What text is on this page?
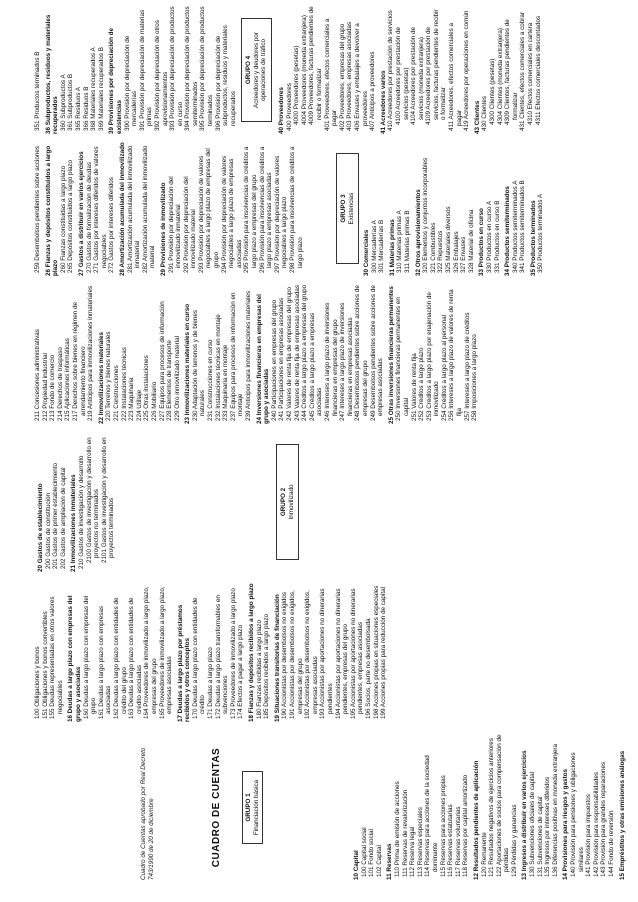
Cuadro de Cuentas aprobado por Real Decreto 743/1990 de 20 de diciembre	CUADRO DE CUENTAS	GRUPO 1 Financiación básica

10 Capital 100 Capital social 101 Fondo social 102 Capital 11 Reservas 110 Prima de emisión de acciones 111 Reservas de revalorización 112 Reserva legal 113 Reservas especiales 114 Reservas para acciones de la sociedad dominante 115 Reservas para acciones propias 116 Reservas estatutarias 117 Reservas voluntarias 118 Reservas por capital amortizado 12 Resultados pendientes de aplicación 120 Remanente 121 Resultados negativos de ejercicios anteriores 122 Aportaciones de socios para compensación de pérdidas 129 Pérdidas y ganancias 13 Ingresos a distribuir en varios ejercicios 130 Subvenciones oficiales de capital 131 Subvenciones de capital 135 Ingresos por intereses diferidos 136 Diferencias positivas en moneda extranjera 14 Provisiones para riesgos y gastos 140 Provisión para pensiones y obligaciones similares 141 Provisión para impuestos 142 Provisión para responsabilidades 143 Provisión para grandes reparaciones 144 Fondo de reversión 15 Empréstitos y otras emisiones análogas

100 Obligaciones y bonos 151 Obligaciones y bonos convertibles 155 Deudas representadas en otros valores negociables 16 Deudas a largo plazo con empresas del grupo y asociadas 160 Deudas a largo plazo con empresas del grupo 161 Deudas a largo plazo con empresas asociadas 162 Deudas a largo plazo con entidades de crédito del grupo 163 Deudas a largo plazo con entidades de crédito asociadas 164 Proveedores de inmovilizado a largo plazo, empresas del grupo 165 Proveedores de inmovilizado a largo plazo, empresas asociadas 17 Deudas a largo plazo por préstamos recibidos y otros conceptos 170 Deudas a largo plazo con entidades de crédito 171 Deudas a largo plazo 172 Deudas a largo plazo transformables en subvenciones 173 Proveedores de inmovilizado a largo plazo 174 Efectos a pagar a largo plazo 18 Fianzas y depósitos recibidos a largo plazo 180 Fianzas recibidas a largo plazo 185 Depósitos recibidos a largo plazo 19 Situaciones transitorias de financiación 190 Accionistas por desembolsos no exigidos 191 Accionistas por desembolsos no exigidos, empresas del grupo 192 Accionistas por desembolsos no exigidos, empresas asociadas 193 Accionistas por aportaciones no dinerarias pendientes 194 Accionistas por aportaciones no dinerarias pendientes, empresas del grupo 195 Accionistas por aportaciones no dinerarias pendientes, empresas asociadas 196 Socios, parte no desembolsada 198 Acciones propias en situaciones especiales 199 Acciones propias para reducción de capital

20 Gastos de establecimiento 200 Gastos de constitución 201 Gastos de primer establecimiento 202 Gastos de ampliación de capital 21 Inmovilizaciones inmateriales 210 Gastos de investigación y desarrollo 2100 Gastos de investigación y desarrollo en proyectos no terminados 2101 Gastos de investigación y desarrollo en proyectos terminados	GRUPO 2 Inmovilizado

211 Concesiones administrativas 212 Propiedad industrial 213 Fondo de comercio 214 Derechos de traspaso 215 Aplicaciones informáticas 217 Derechos sobre bienes en régimen de arrendamiento financiero 219 Anticipos para inmovilizaciones inmateriales 22 Inmovilizaciones materiales 220 Terrenos y bienes naturales 221 Construcciones 222 Instalaciones técnicas 223 Maquinaria 224 Utillaje 225 Otras instalaciones 226 Mobiliario 227 Equipos para procesos de información 228 Elementos de transporte 229 Otro inmovilizado material 23 Inmovilizaciones materiales en curso 230 Adaptación de terrenos y de bienes naturales 231 Construcciones en curso 232 Instalaciones técnicas en montaje 233 Maquinaria en montaje 237 Equipos para procesos de información en montaje 239 Anticipos para inmovilizaciones materiales 24 Inversiones financieras en empresas del grupo y asociadas 240 Participaciones en empresas del grupo 241 Participaciones en empresas asociadas 242 Valores de renta fija de empresas del grupo 243 Valores de renta fija de empresas asociadas 244 Créditos a largo plazo a empresas del grupo 245 Créditos a largo plazo a empresas asociadas 246 Intereses a largo plazo de inversiones financieras en empresas del grupo 247 Intereses a largo plazo de inversiones financieras en empresas asociadas 248 Desembolsos pendientes sobre acciones de empresas del grupo 249 Desembolsos pendientes sobre acciones de empresas asociadas 25 Otras inversiones financieras permanentes 250 Inversiones financieras permanentes en capital 251 Valores de renta fija 252 Créditos a largo plazo 253 Créditos a largo plazo por enajenación de inmovilizado 254 Créditos a largo plazo al personal 256 Intereses a largo plazo de valores de renta fija 257 Intereses a largo plazo de créditos 258 Imposiciones a largo plazo

259 Desembolsos pendientes sobre acciones 26 Fianzas y depósitos constituidos a largo plazo 260 Fianzas constituidas a largo plazo 265 Depósitos constituidos a largo plazo 27 Gastos a distribuir en varios ejercicios 270 Gastos de formalización de deudas 271 Gastos por intereses diferidos de valores negociables 272 Gastos por intereses diferidos 28 Amortización acumulada del inmovilizado 281 Amortización acumulada del inmovilizado inmaterial 282 Amortización acumulada del inmovilizado material 29 Provisiones de inmovilizado 291 Provisión por depreciación del inmovilizado inmaterial 292 Provisión por depreciación del inmovilizado material 293 Provisión por depreciación de valores negociables a largo plazo de empresas del grupo 294 Provisión por depreciación de valores negociables a largo plazo de empresas asociadas 295 Provisión para insolvencias de créditos a largo plazo a empresas del grupo 296 Provisión para insolvencias de créditos a largo plazo a empresas asociadas 297 Provisión por depreciación de valores negociables a largo plazo 298 Provisión para insolvencias de créditos a largo plazo

GRUPO 3 Existencias

30 Comerciales 300 Mercaderías A 301 Mercaderías B 31 Materias primas 310 Materias primas A 311 Materias primas B 32 Otros aprovisionamientos 320 Elementos y conjuntos incorporables 321 Combustibles 322 Repuestos 325 Materiales diversos 326 Embalajes 327 Envases 328 Material de oficina 33 Productos en curso 330 Productos en curso A 331 Productos en curso B 34 Productos semiterminados 340 Productos semiterminados A 341 Productos semiterminados B 35 Productos terminados 350 Productos terminados A

351 Productos terminados B 36 Subproductos, residuos y materiales recuperados 360 Subproductos A 361 Subproductos B 365 Residuos A 366 Residuos B 368 Materiales recuperados A 369 Materiales recuperados B 39 Provisiones por depreciación de existencias 390 Provisión por depreciación de mercaderías 391 Provisión por depreciación de materias primas 392 Provisión por depreciación de otros aprovisionamientos 393 Provisión por depreciación de productos en curso 394 Provisión por depreciación de productos semiterminados 395 Provisión por depreciación de productos terminados 396 Provisión por depreciación de subproductos, residuos y materiales recuperados

GRUPO 4 Acreedores y deudores por operaciones de tráfico

40 Proveedores 400 Proveedores 4000 Proveedores (pesetas) 4004 Proveedores (moneda extranjera) 4009 Proveedores, facturas pendientes de recibir o formalizar 401 Proveedores, efectos comerciales a pagar 402 Proveedores, empresas del grupo 403 Proveedores, empresas asociadas 406 Envases y embalajes a devolver a proveedores 407 Anticipos a proveedores 41 Acreedores varios 410 Acreedores por prestación de servicios 4100 Acreedores por prestación de servicios (pesetas) 4104 Acreedores por prestación de servicios (moneda extranjera) 4109 Acreedores por prestación de servicios, facturas pendientes de recibir o formalizar 411 Acreedores, efectos comerciales a pagar 419 Acreedores por operaciones en común 43 Clientes 430 Clientes 4300 Clientes (pesetas) 4304 Clientes (moneda extranjera) 4309 Clientes, facturas pendientes de formalizar 431 Clientes, efectos comerciales a cobrar 4310 Efectos comerciales en cartera 4311 Efectos comerciales descontados
